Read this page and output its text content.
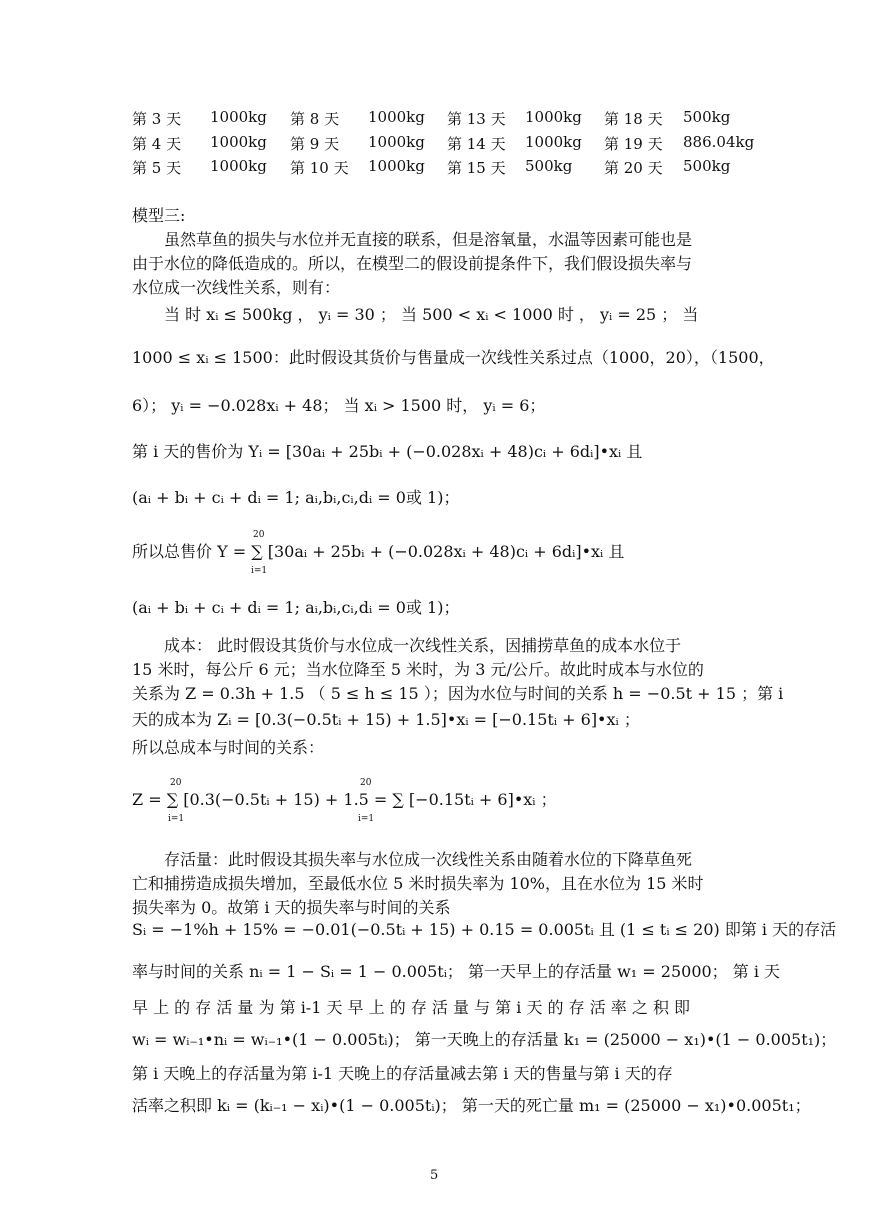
第 3 天 1000kg 第 8 天 1000kg 第 13 天 1000kg 第 18 天 500kg
第 4 天 1000kg 第 9 天 1000kg 第 14 天 1000kg 第 19 天 886.04kg
第 5 天 1000kg 第 10 天 1000kg 第 15 天 500kg 第 20 天 500kg
模型三:
虽然草鱼的损失与水位并无直接的联系，但是溶氧量，水温等因素可能也是
由于水位的降低造成的。所以，在模型二的假设前提条件下，我们假设损失率与
水位成一次线性关系，则有：
当 时 xᵢ ≤ 500kg ， yᵢ = 30 ； 当 500 < xᵢ < 1000 时 ， yᵢ = 25 ； 当
1000 ≤ xᵢ ≤ 1500：此时假设其货价与售量成一次线性关系过点（1000，20），（1500，
6）； yᵢ = −0.028xᵢ + 48； 当 xᵢ > 1500 时， yᵢ = 6；
第 i 天的售价为 Yᵢ = [30aᵢ + 25bᵢ + (−0.028xᵢ + 48)cᵢ + 6dᵢ]•xᵢ 且
(aᵢ + bᵢ + cᵢ + dᵢ = 1; aᵢ,bᵢ,cᵢ,dᵢ = 0或 1)；
所以总售价 Y = ∑ [30aᵢ + 25bᵢ + (−0.028xᵢ + 48)cᵢ + 6dᵢ]•xᵢ 且
20
i=1
(aᵢ + bᵢ + cᵢ + dᵢ = 1; aᵢ,bᵢ,cᵢ,dᵢ = 0或 1)；
成本： 此时假设其货价与水位成一次线性关系，因捕捞草鱼的成本水位于
15 米时，每公斤 6 元；当水位降至 5 米时，为 3 元/公斤。故此时成本与水位的
关系为 Z = 0.3h + 1.5 （ 5 ≤ h ≤ 15 ）；因为水位与时间的关系 h = −0.5t + 15 ；第 i
天的成本为 Zᵢ = [0.3(−0.5tᵢ + 15) + 1.5]•xᵢ = [−0.15tᵢ + 6]•xᵢ ；
所以总成本与时间的关系：
Z = ∑ [0.3(−0.5tᵢ + 15) + 1.5 = ∑ [−0.15tᵢ + 6]•xᵢ ；
20
i=1
20
i=1
存活量：此时假设其损失率与水位成一次线性关系由随着水位的下降草鱼死
亡和捕捞造成损失增加，至最低水位 5 米时损失率为 10%，且在水位为 15 米时
损失率为 0。故第 i 天的损失率与时间的关系
Sᵢ = −1%h + 15% = −0.01(−0.5tᵢ + 15) + 0.15 = 0.005tᵢ 且 (1 ≤ tᵢ ≤ 20) 即第 i 天的存活
率与时间的关系 nᵢ = 1 − Sᵢ = 1 − 0.005tᵢ； 第一天早上的存活量 w₁ = 25000； 第 i 天
早 上 的 存 活 量 为 第 i-1 天 早 上 的 存 活 量 与 第 i 天 的 存 活 率 之 积 即
wᵢ = wᵢ₋₁•nᵢ = wᵢ₋₁•(1 − 0.005tᵢ)； 第一天晚上的存活量 k₁ = (25000 − x₁)•(1 − 0.005t₁)；
第 i 天晚上的存活量为第 i-1 天晚上的存活量减去第 i 天的售量与第 i 天的存
活率之积即 kᵢ = (kᵢ₋₁ − xᵢ)•(1 − 0.005tᵢ)； 第一天的死亡量 m₁ = (25000 − x₁)•0.005t₁；
5
